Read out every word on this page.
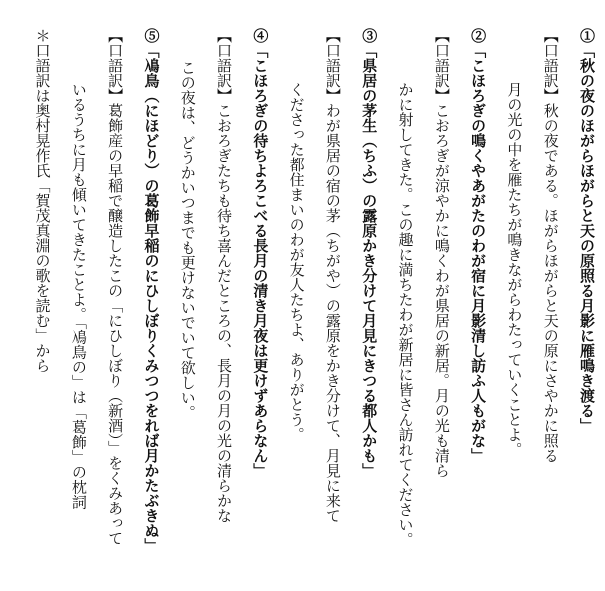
①「秋の夜のほがらほがらと天の原照る月影に雁鳴き渡る」
【口語訳】秋の夜である。ほがらほがらと天の原にさやかに照る
月の光の中を雁たちが鳴きながらわたっていくことよ。
②「こほろぎの鳴くやあがたのわが宿に月影清し訪ふ人もがな」
【口語訳】こおろぎが涼やかに鳴くわが県居の新居。月の光も清ら
かに射してきた。この趣に満ちたわが新居に皆さん訪れてください。
③「県居の茅生（ちふ）の露原かき分けて月見にきつる都人かも」
【口語訳】わが県居の宿の茅（ちがや）の露原をかき分けて、月見に来て
くださった都住まいのわが友人たちよ、ありがとう。
④「こほろぎの待ちよろこべる長月の清き月夜は更けずあらなん」
【口語訳】こおろぎたちも待ち喜んだところの、長月の月の光の清らかな
この夜は、どうかいつまでも更けないでいて欲しい。
⑤「鳰鳥（にほどり）の葛飾早稲のにひしぼりくみつつをれば月かたぶきぬ」
【口語訳】葛飾産の早稲で醸造したこの「にひしぼり（新酒）」をくみあって
いるうちに月も傾いてきたことよ。「鳰鳥の」は「葛飾」の枕詞
＊口語訳は奥村晃作氏「賀茂真淵の歌を読む」から
